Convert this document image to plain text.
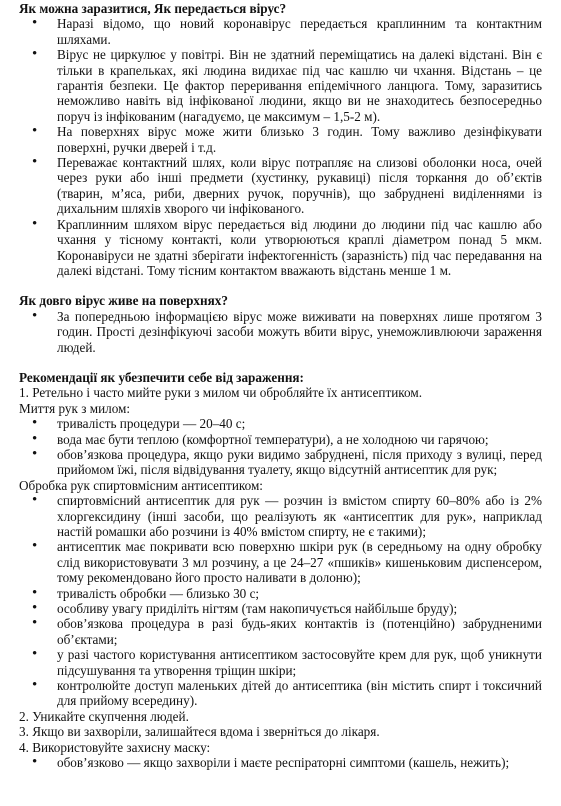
Як можна заразитися, Як передається вірус?
• Наразі відомо, що новий коронавірус передається краплинним та контактним шляхами.
• Вірус не циркулює у повітрі. Він не здатний переміщатись на далекі відстані. Він є тільки в крапельках, які людина видихає під час кашлю чи чхання. Відстань – це гарантія безпеки. Це фактор переривання епідемічного ланцюга. Тому, заразитись неможливо навіть від інфікованої людини, якщо ви не знаходитесь безпосередньо поруч із інфікованим (нагадуємо, це максимум – 1,5-2 м).
• На поверхнях вірус може жити близько 3 годин. Тому важливо дезінфікувати поверхні, ручки дверей і т.д.
• Переважає контактний шлях, коли вірус потрапляє на слизові оболонки носа, очей через руки або інші предмети (хустинку, рукавиці) після торкання до об’єктів (тварин, м’яса, риби, дверних ручок, поручнів), що забруднені виділеннями із дихальним шляхів хворого чи інфікованого.
• Краплинним шляхом вірус передається від людини до людини під час кашлю або чхання у тісному контакті, коли утворюються краплі діаметром понад 5 мкм. Коронавіруси не здатні зберігати інфектогенність (заразність) під час передавання на далекі відстані. Тому тісним контактом вважають відстань менше 1 м.
Як довго вірус живе на поверхнях?
• За попередньою інформацією вірус може виживати на поверхнях лише протягом 3 годин. Прості дезінфікуючі засоби можуть вбити вірус, унеможливлюючи зараження людей.
Рекомендації як убезпечити себе від зараження:

1. Ретельно і часто мийте руки з милом чи обробляйте їх антисептиком.

Миття рук з милом:

• тривалість процедури — 20–40 с;
• вода має бути теплою (комфортної температури), а не холодною чи гарячою;
• обов’язкова процедура, якщо руки видимо забруднені, після приходу з вулиці, перед прийомом їжі, після відвідування туалету, якщо відсутній антисептик для рук;

Обробка рук спиртовмісним антисептиком:

• спиртовмісний антисептик для рук — розчин із вмістом спирту 60–80% або із 2% хлоргексидину (інші засоби, що реалізують як «антисептик для рук», наприклад настій ромашки або розчини із 40% вмістом спирту, не є такими);
• антисептик має покривати всю поверхню шкіри рук (в середньому на одну обробку слід використовувати 3 мл розчину, а це 24–27 «пшиків» кишеньковим диспенсером, тому рекомендовано його просто наливати в долоню);
• тривалість обробки — близько 30 с;
• особливу увагу приділіть нігтям (там накопичується найбільше бруду);
• обов’язкова процедура в разі будь-яких контактів із (потенційно) забрудненими об’єктами;
• у разі частого користування антисептиком застосовуйте крем для рук, щоб уникнути підсушування та утворення тріщин шкіри;
• контролюйте доступ маленьких дітей до антисептика (він містить спирт і токсичний для прийому всередину).

2. Уникайте скупчення людей.

3. Якщо ви захворіли, залишайтеся вдома і зверніться до лікаря.

4. Використовуйте захисну маску:

• обов’язково — якщо захворіли і маєте респіраторні симптоми (кашель, нежить);
